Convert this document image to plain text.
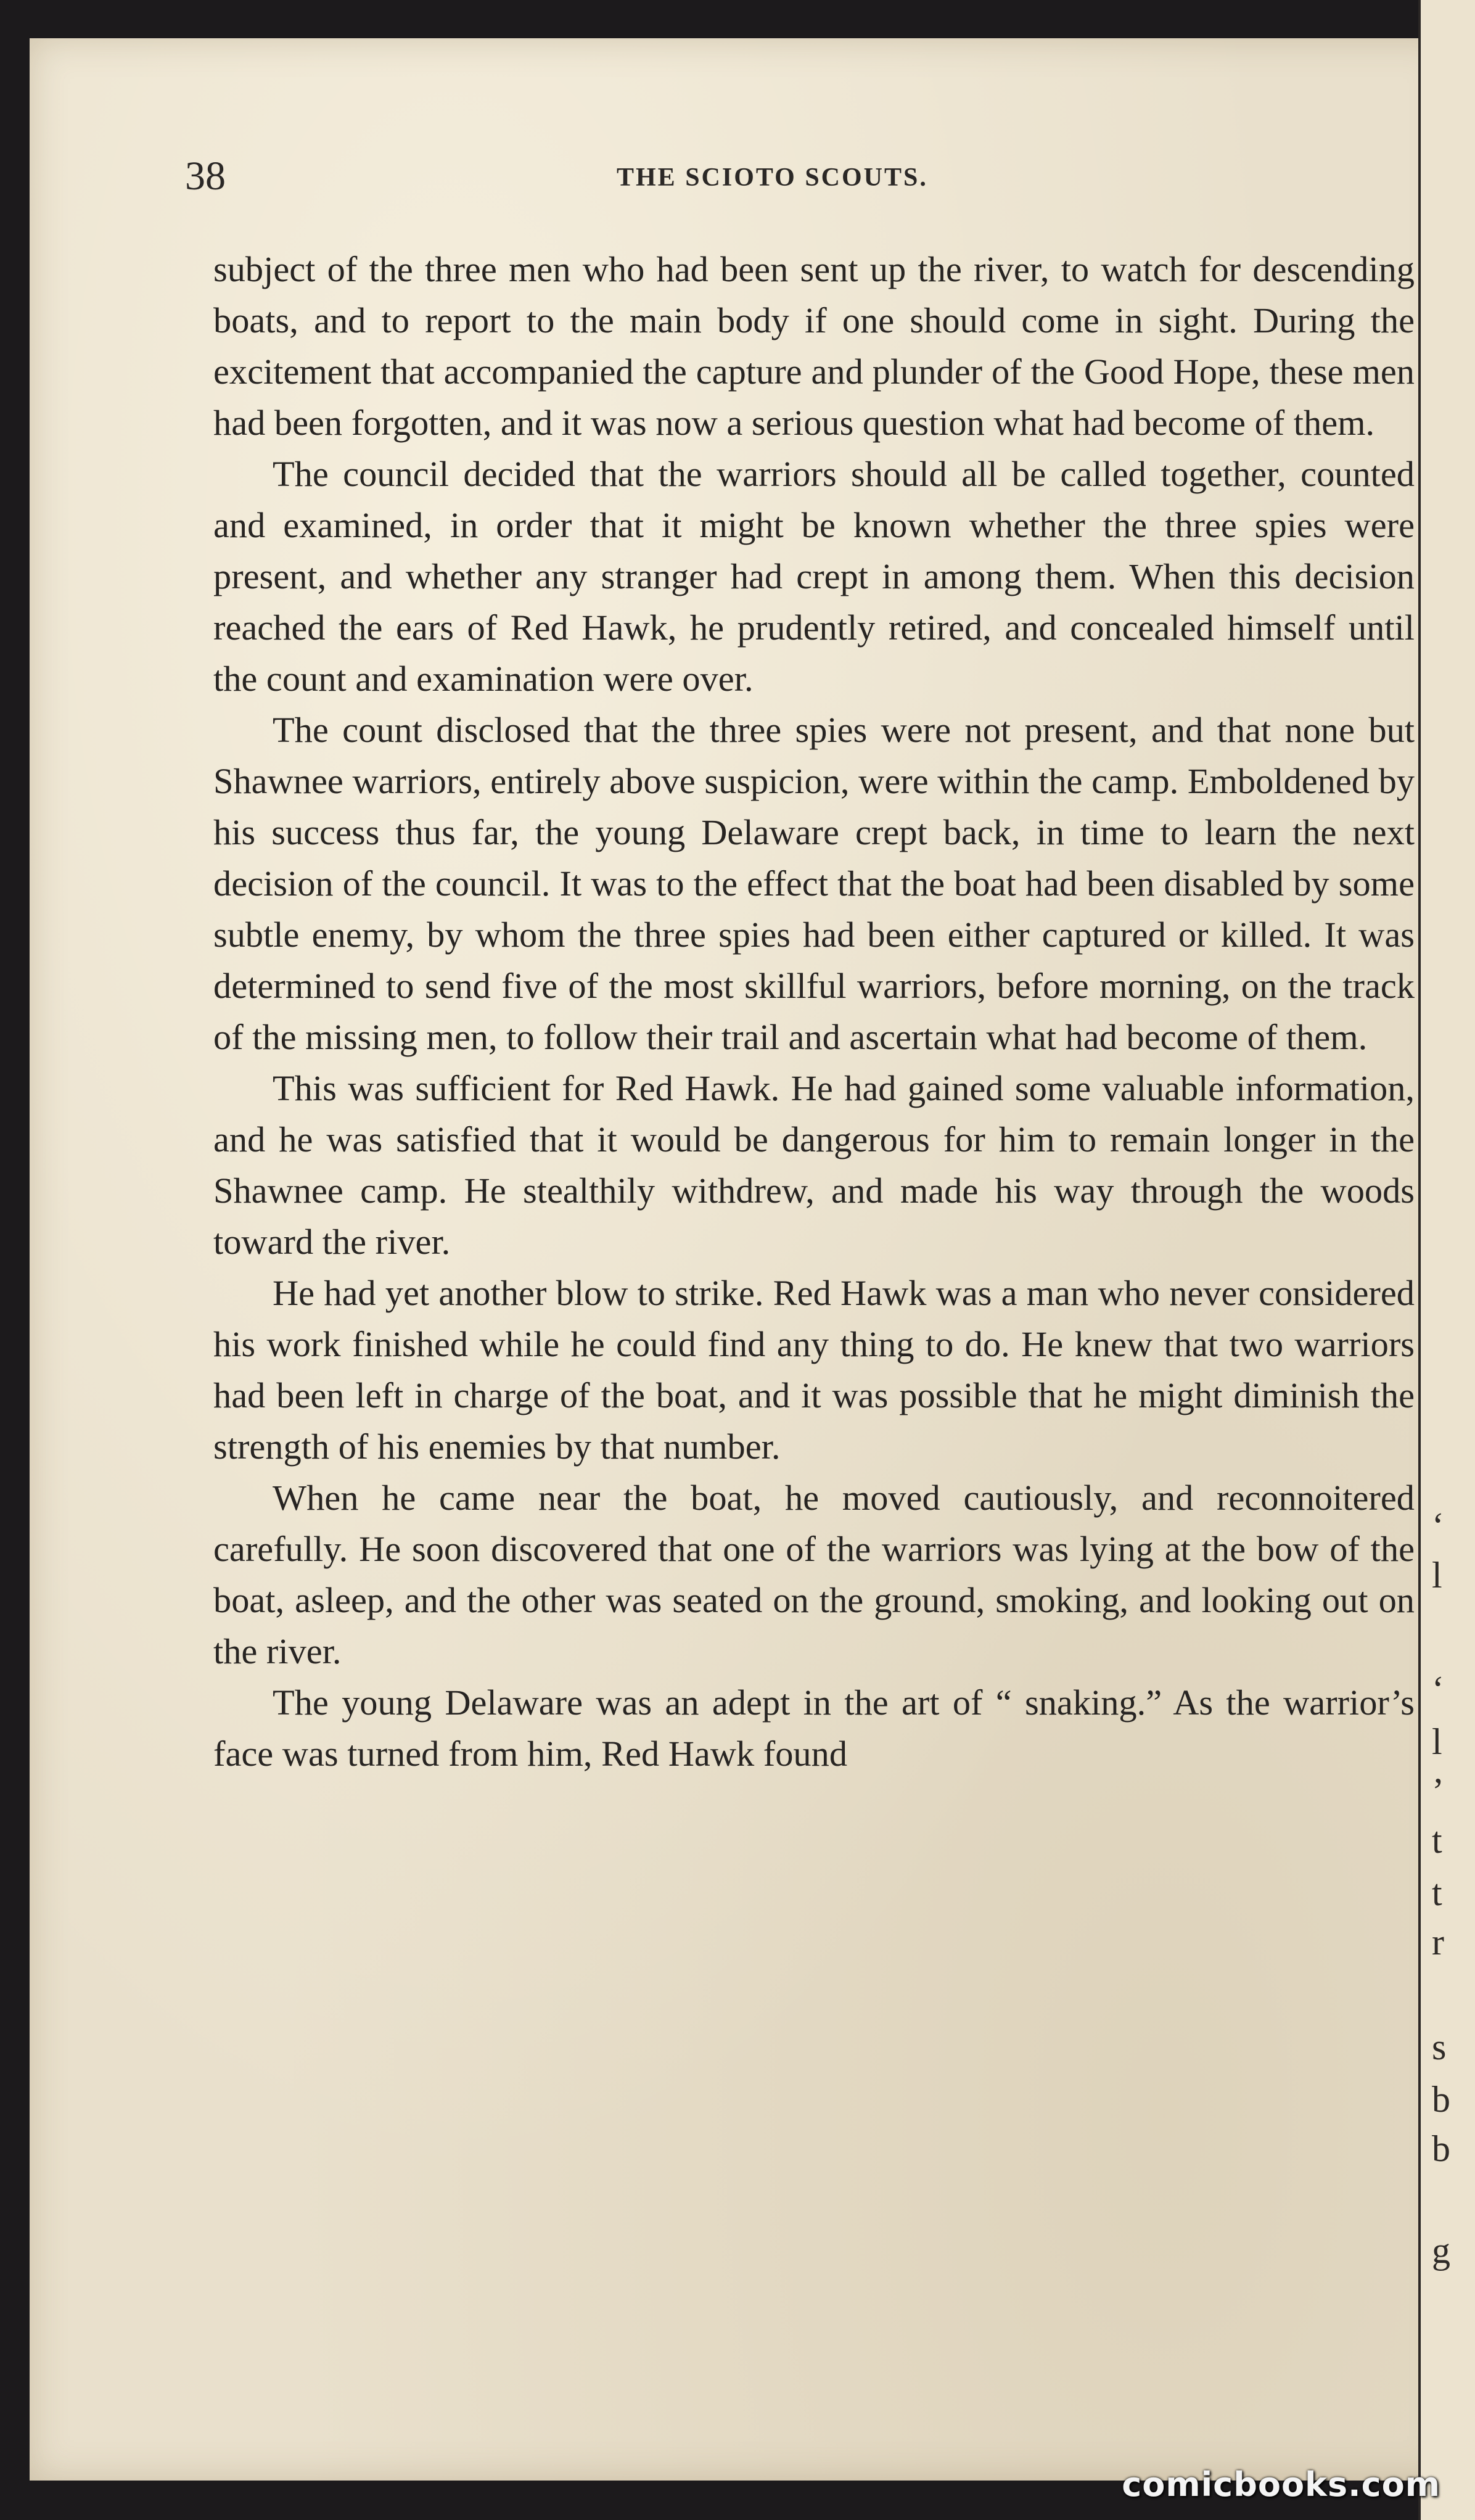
‘
l
‘
l
’
t
t
r
s
b
b
g
38	THE SCIOTO SCOUTS.

subject of the three men who had been sent up the river, to watch for descending boats, and to report to the main body if one should come in sight. During the excitement that accompanied the capture and plunder of the Good Hope, these men had been forgotten, and it was now a serious question what had become of them.

The council decided that the warriors should all be called together, counted and examined, in order that it might be known whether the three spies were present, and whether any stranger had crept in among them. When this decision reached the ears of Red Hawk, he prudently retired, and concealed himself until the count and examination were over.

The count disclosed that the three spies were not present, and that none but Shawnee warriors, entirely above suspicion, were within the camp. Emboldened by his success thus far, the young Delaware crept back, in time to learn the next decision of the council. It was to the effect that the boat had been disabled by some subtle enemy, by whom the three spies had been either captured or killed. It was determined to send five of the most skillful warriors, before morning, on the track of the missing men, to follow their trail and ascertain what had become of them.

This was sufficient for Red Hawk. He had gained some valuable information, and he was satisfied that it would be dangerous for him to remain longer in the Shawnee camp. He stealthily withdrew, and made his way through the woods toward the river.

He had yet another blow to strike. Red Hawk was a man who never considered his work finished while he could find any thing to do. He knew that two warriors had been left in charge of the boat, and it was possible that he might diminish the strength of his enemies by that number.

When he came near the boat, he moved cautiously, and reconnoitered carefully. He soon discovered that one of the warriors was lying at the bow of the boat, asleep, and the other was seated on the ground, smoking, and looking out on the river.

The young Delaware was an adept in the art of “ snaking.” As the warrior’s face was turned from him, Red Hawk found

comicbooks.com
